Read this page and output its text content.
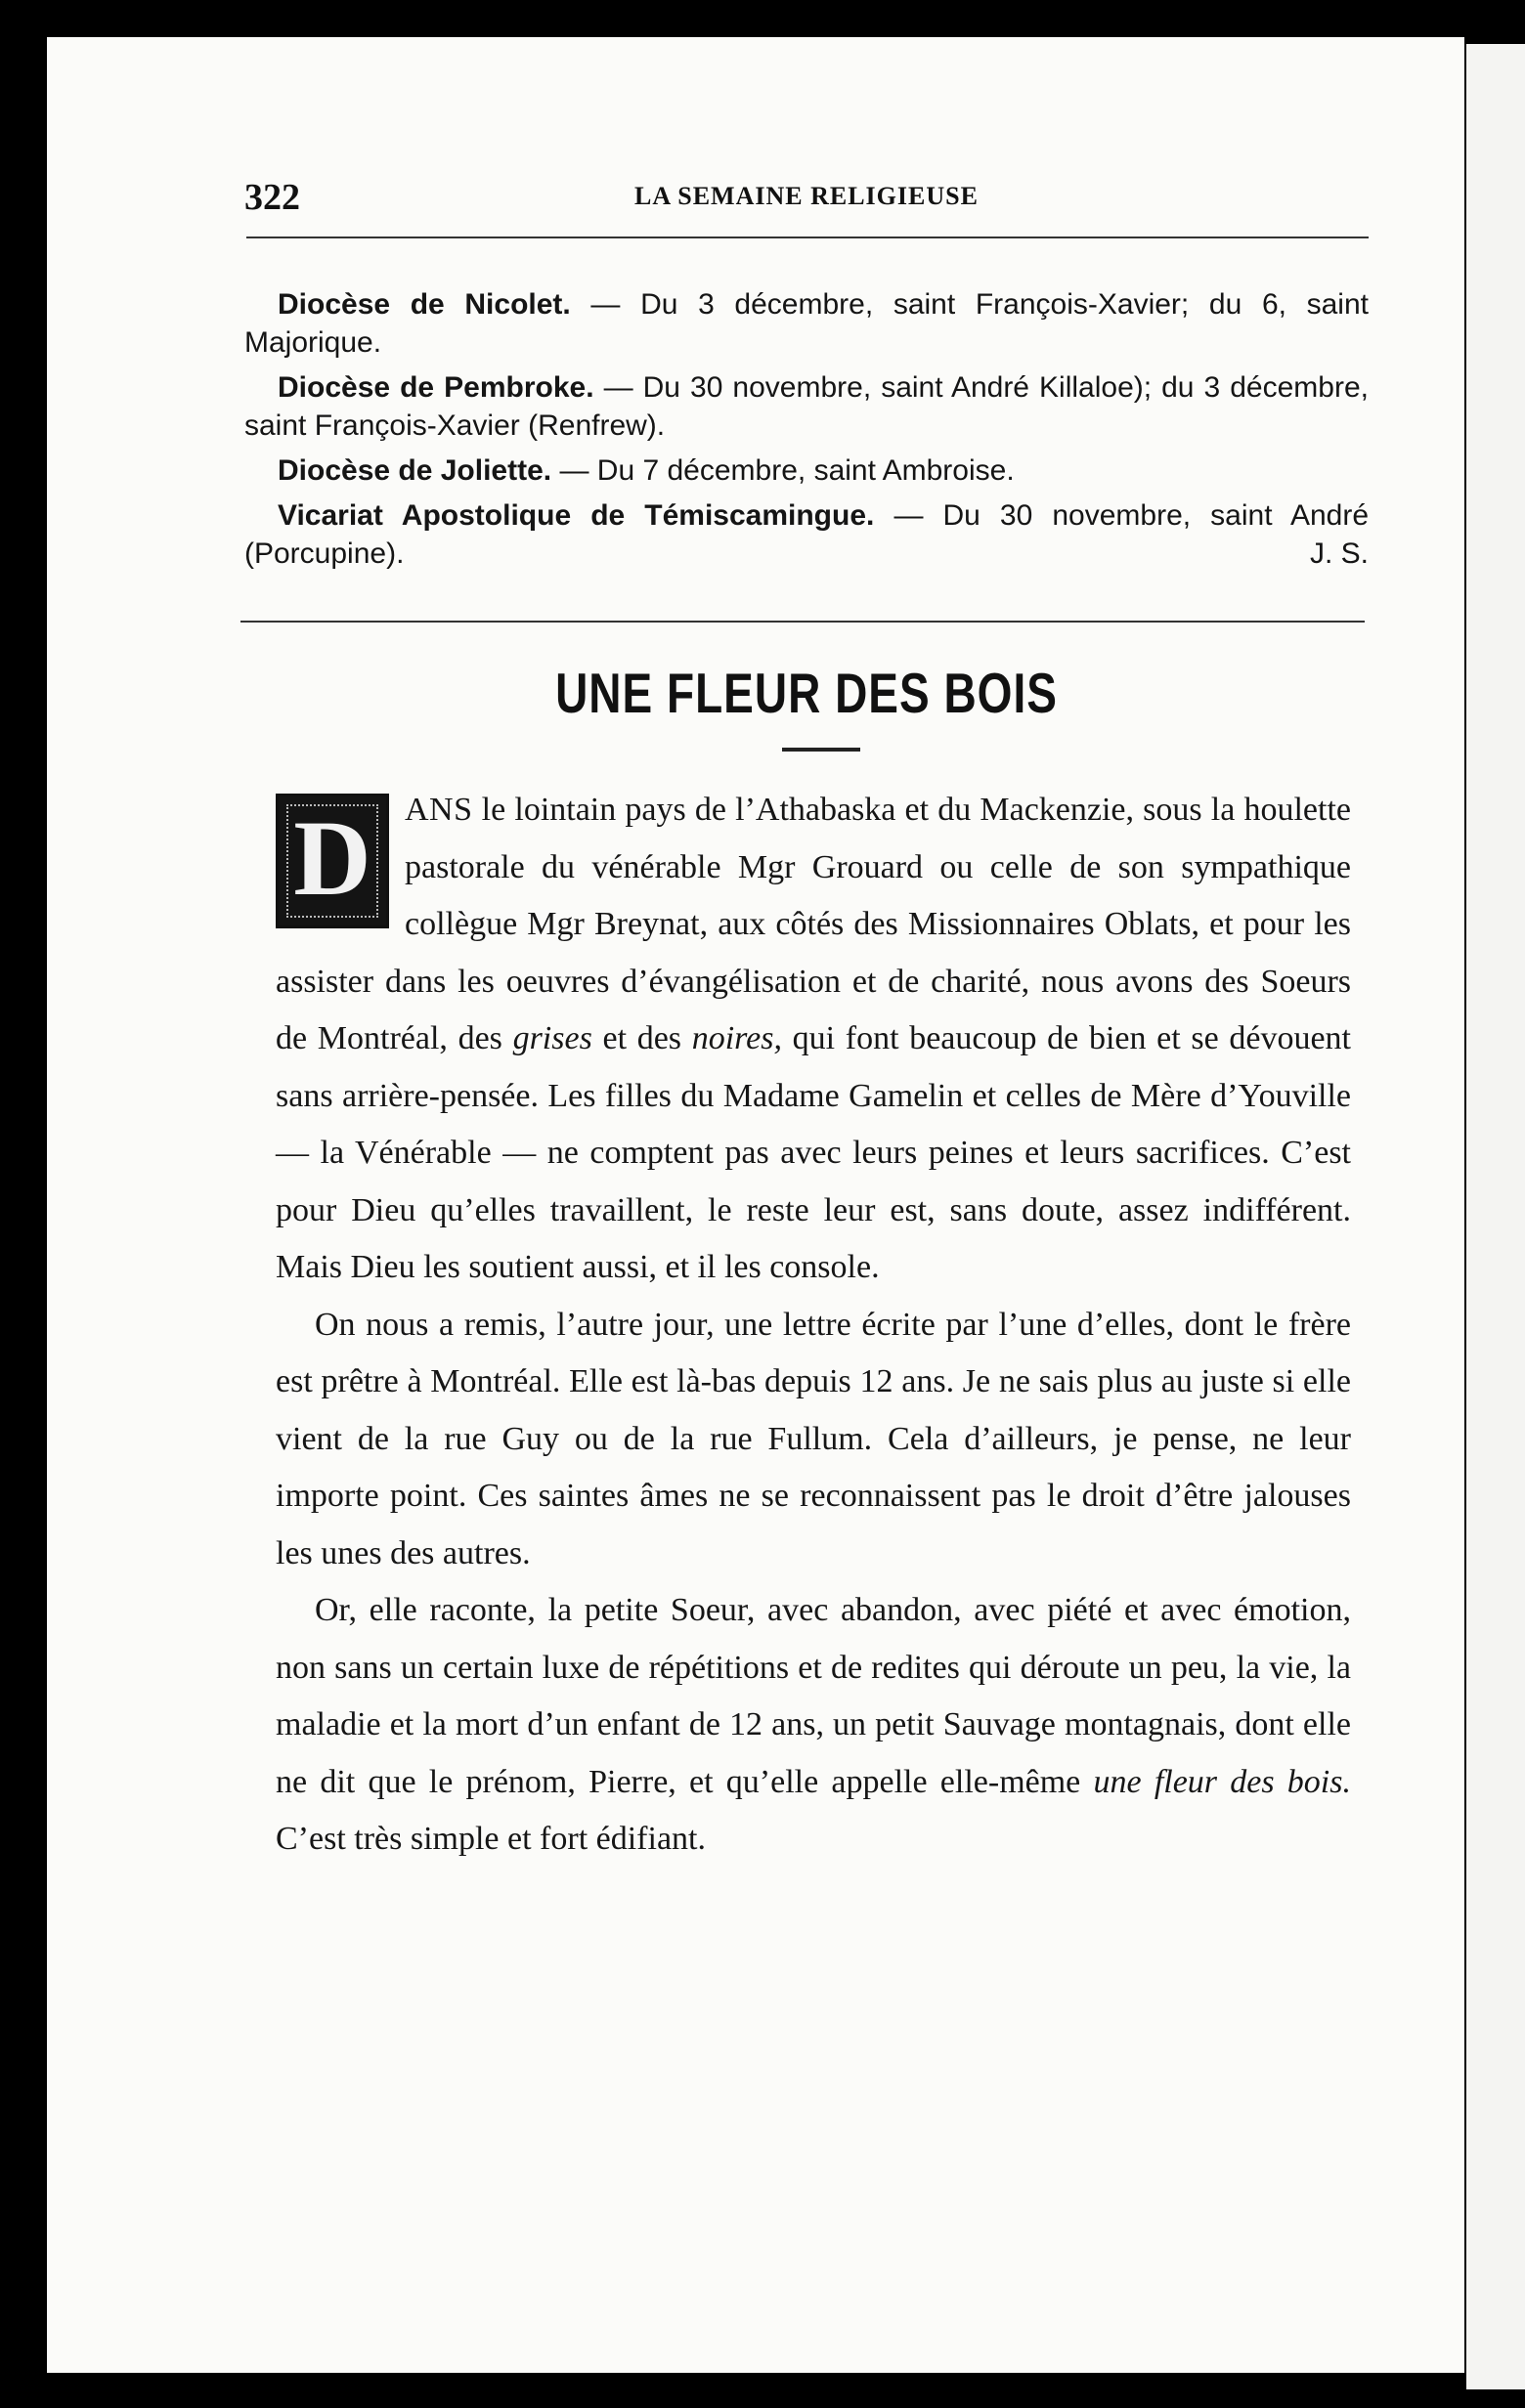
322	LA SEMAINE RELIGIEUSE

Diocèse de Nicolet. — Du 3 décembre, saint François-Xavier; du 6, saint Majorique.

Diocèse de Pembroke. — Du 30 novembre, saint André Killaloe); du 3 décembre, saint François-Xavier (Renfrew).

Diocèse de Joliette. — Du 7 décembre, saint Ambroise.

Vicariat Apostolique de Témiscamingue. — Du 30 novembre, saint André (Porcupine).	J. S.

UNE FLEUR DES BOIS

D	ANS le lointain pays de l’Athabaska et du Mackenzie, sous la houlette pastorale du vénérable Mgr Grouard ou celle de son sympathique collègue Mgr Breynat, aux côtés des Missionnaires Oblats, et pour les assister dans les oeuvres d’évangélisation et de charité, nous avons des Soeurs de Montréal, des grises et des noires, qui font beaucoup de bien et se dévouent sans arrière-pensée. Les filles du Madame Gamelin et celles de Mère d’Youville — la Vénérable — ne comptent pas avec leurs peines et leurs sacrifices. C’est pour Dieu qu’elles travaillent, le reste leur est, sans doute, assez indifférent. Mais Dieu les soutient aussi, et il les console.

On nous a remis, l’autre jour, une lettre écrite par l’une d’elles, dont le frère est prêtre à Montréal. Elle est là-bas depuis 12 ans. Je ne sais plus au juste si elle vient de la rue Guy ou de la rue Fullum. Cela d’ailleurs, je pense, ne leur importe point. Ces saintes âmes ne se reconnaissent pas le droit d’être jalouses les unes des autres.

Or, elle raconte, la petite Soeur, avec abandon, avec piété et avec émotion, non sans un certain luxe de répétitions et de redites qui déroute un peu, la vie, la maladie et la mort d’un enfant de 12 ans, un petit Sauvage montagnais, dont elle ne dit que le prénom, Pierre, et qu’elle appelle elle-même une fleur des bois. C’est très simple et fort édifiant.
